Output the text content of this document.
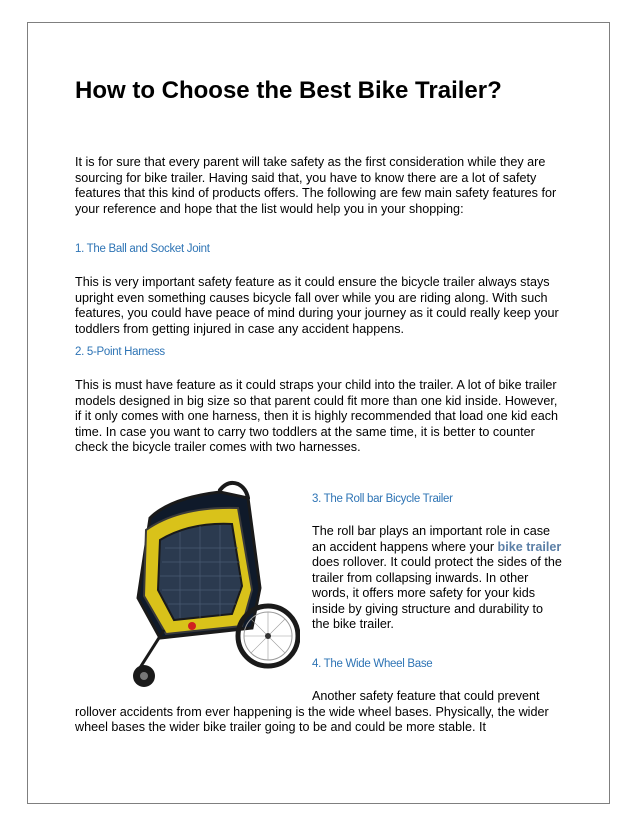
How to Choose the Best Bike Trailer?

It is for sure that every parent will take safety as the first consideration while they are sourcing for bike trailer. Having said that, you have to know there are a lot of safety features that this kind of products offers. The following are few main safety features for your reference and hope that the list would help you in your shopping:

1. The Ball and Socket Joint

This is very important safety feature as it could ensure the bicycle trailer always stays upright even something causes bicycle fall over while you are riding along. With such features, you could have peace of mind during your journey as it could really keep your toddlers from getting injured in case any accident happens.

2. 5-Point Harness

This is must have feature as it could straps your child into the trailer. A lot of bike trailer models designed in big size so that parent could fit more than one kid inside. However, if it only comes with one harness, then it is highly recommended that load one kid each time. In case you want to carry two toddlers at the same time, it is better to counter check the bicycle trailer comes with two harnesses.

3. The Roll bar Bicycle Trailer

The roll bar plays an important role in case an accident happens where your bike trailer does rollover. It could protect the sides of the trailer from collapsing inwards. In other words, it offers more safety for your kids inside by giving structure and durability to the bike trailer.

4. The Wide Wheel Base

Another safety feature that could prevent rollover accidents from ever happening is the wide wheel bases. Physically, the wider wheel bases the wider bike trailer going to be and could be more stable. It
